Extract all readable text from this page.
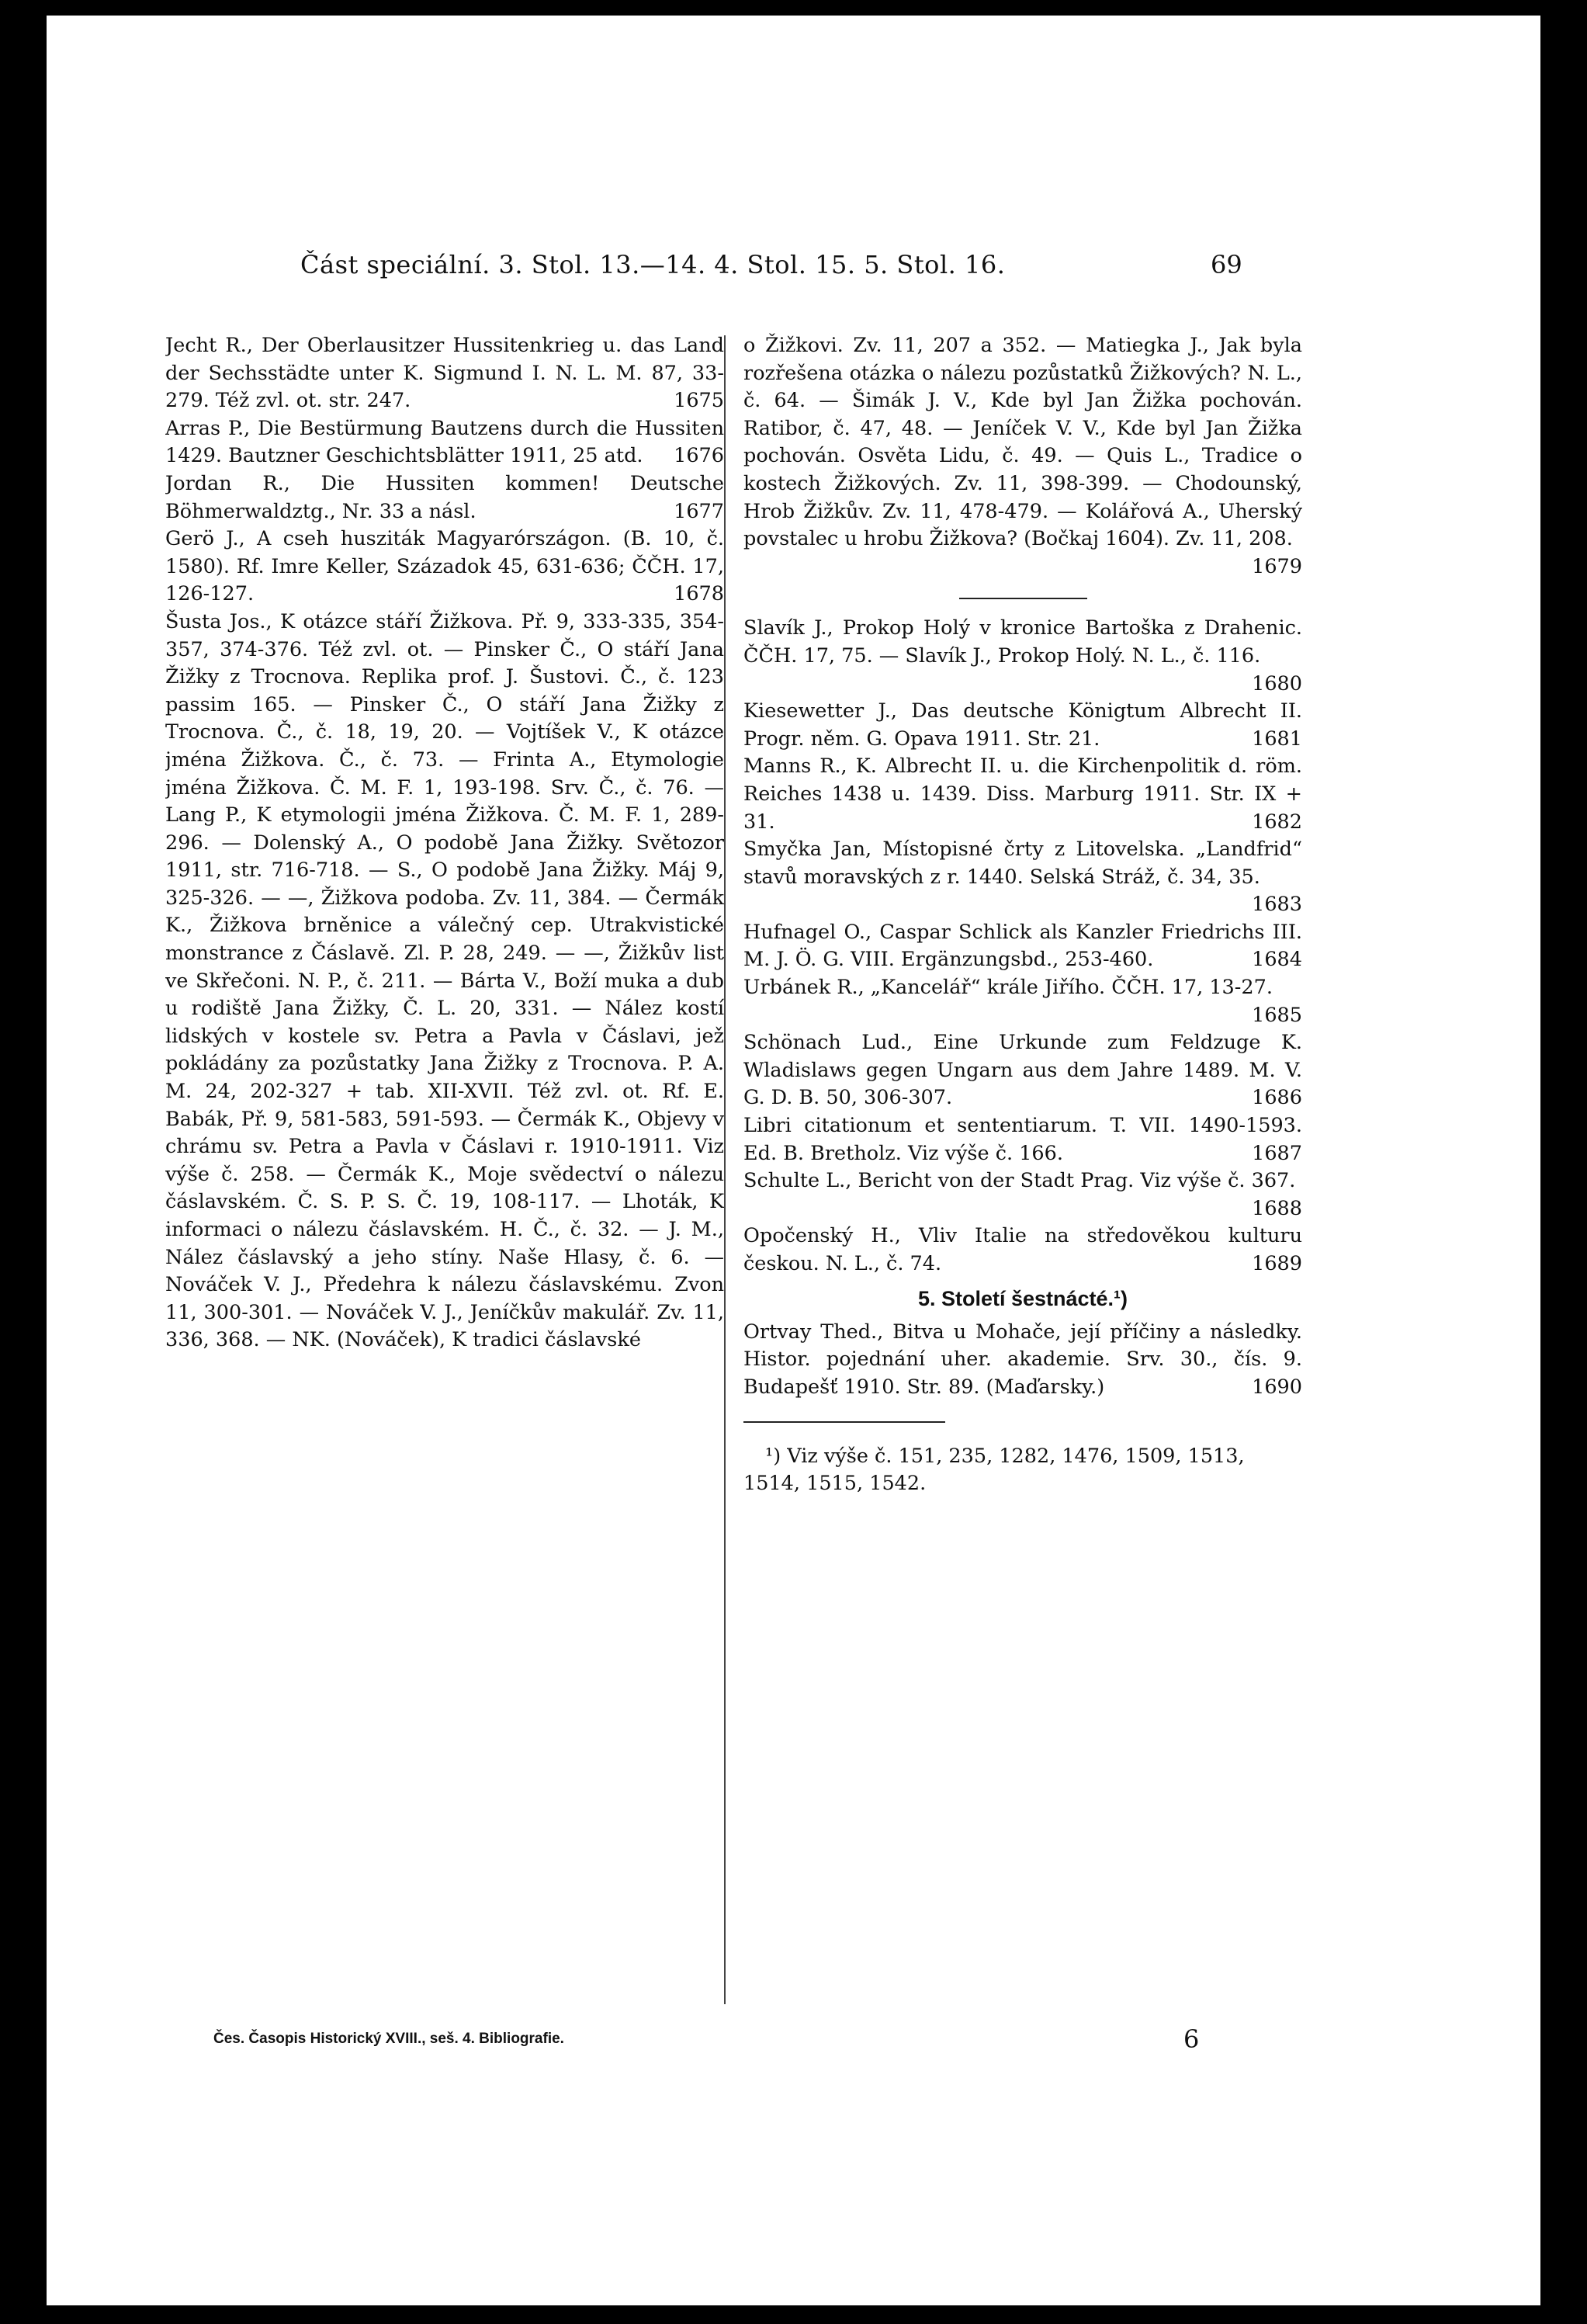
Část speciální. 3. Stol. 13.—14. 4. Stol. 15. 5. Stol. 16.	69

Jecht R., Der Oberlausitzer Hussitenkrieg u. das Land der Sechsstädte unter K. Sigmund I. N. L. M. 87, 33-279. Též zvl. ot. str. 247.	1675

Arras P., Die Bestürmung Bautzens durch die Hussiten 1429. Bautzner Geschichtsblätter 1911, 25 atd. 1676

Jordan R., Die Hussiten kommen! Deutsche Böhmerwaldztg., Nr. 33 a násl.	1677

Gerö J., A cseh husziták Magyarórszágon. (B. 10, č. 1580). Rf. Imre Keller, Századok 45, 631-636; ČČH. 17, 126-127.	1678

Šusta Jos., K otázce stáří Žižkova. Př. 9, 333-335, 354-357, 374-376. Též zvl. ot. — Pinsker Č., O stáří Jana Žižky z Trocnova. Replika prof. J. Šustovi. Č., č. 123 passim 165. — Pinsker Č., O stáří Jana Žižky z Trocnova. Č., č. 18, 19, 20. — Vojtíšek V., K otázce jména Žižkova. Č., č. 73. — Frinta A., Etymologie jména Žižkova. Č. M. F. 1, 193-198. Srv. Č., č. 76. — Lang P., K etymologii jména Žižkova. Č. M. F. 1, 289-296. — Dolenský A., O podobě Jana Žižky. Světozor 1911, str. 716-718. — S., O podobě Jana Žižky. Máj 9, 325-326. — —, Žižkova podoba. Zv. 11, 384. — Čermák K., Žižkova brněnice a válečný cep. Utrakvistické monstrance z Čáslavě. Zl. P. 28, 249. — —, Žižkův list ve Skřečoni. N. P., č. 211. — Bárta V., Boží muka a dub u rodiště Jana Žižky, Č. L. 20, 331. — Nález kostí lidských v kostele sv. Petra a Pavla v Čáslavi, jež pokládány za pozůstatky Jana Žižky z Trocnova. P. A. M. 24, 202-327 + tab. XII-XVII. Též zvl. ot. Rf. E. Babák, Př. 9, 581-583, 591-593. — Čermák K., Objevy v chrámu sv. Petra a Pavla v Čáslavi r. 1910-1911. Viz výše č. 258. — Čermák K., Moje svědectví o nálezu čáslavském. Č. S. P. S. Č. 19, 108-117. — Lhoták, K informaci o nálezu čáslavském. H. Č., č. 32. — J. M., Nález čáslavský a jeho stíny. Naše Hlasy, č. 6. — Nováček V. J., Předehra k nálezu čáslavskému. Zvon 11, 300-301. — Nováček V. J., Jeníčkův makulář. Zv. 11, 336, 368. — NK. (Nováček), K tradici čáslavské

o Žižkovi. Zv. 11, 207 a 352. — Matiegka J., Jak byla rozřešena otázka o nálezu pozůstatků Žižkových? N. L., č. 64. — Šimák J. V., Kde byl Jan Žižka pochován. Ratibor, č. 47, 48. — Jeníček V. V., Kde byl Jan Žižka pochován. Osvěta Lidu, č. 49. — Quis L., Tradice o kostech Žižkových. Zv. 11, 398-399. — Chodounský, Hrob Žižkův. Zv. 11, 478-479. — Kolářová A., Uherský povstalec u hrobu Žižkova? (Bočkaj 1604). Zv. 11, 208.
1679

Slavík J., Prokop Holý v kronice Bartoška z Drahenic. ČČH. 17, 75. — Slavík J., Prokop Holý. N. L., č. 116.
1680

Kiesewetter J., Das deutsche Königtum Albrecht II. Progr. něm. G. Opava 1911. Str. 21.	1681

Manns R., K. Albrecht II. u. die Kirchenpolitik d. röm. Reiches 1438 u. 1439. Diss. Marburg 1911. Str. IX + 31.	1682

Smyčka Jan, Místopisné črty z Litovelska. „Landfrid“ stavů moravských z r. 1440. Selská Stráž, č. 34, 35.
1683

Hufnagel O., Caspar Schlick als Kanzler Friedrichs III. M. J. Ö. G. VIII. Ergänzungsbd., 253-460.	1684

Urbánek R., „Kancelář“ krále Jiřího. ČČH. 17, 13-27.
1685

Schönach Lud., Eine Urkunde zum Feldzuge K. Wladislaws gegen Ungarn aus dem Jahre 1489. M. V. G. D. B. 50, 306-307.	1686

Libri citationum et sententiarum. T. VII. 1490-1593. Ed. B. Bretholz. Viz výše č. 166.	1687

Schulte L., Bericht von der Stadt Prag. Viz výše č. 367.
1688

Opočenský H., Vliv Italie na středověkou kulturu českou. N. L., č. 74.	1689

5. Století šestnácté.¹)

Ortvay Thed., Bitva u Mohače, její příčiny a následky. Histor. pojednání uher. akademie. Srv. 30., čís. 9. Budapešť 1910. Str. 89. (Maďarsky.)	1690

¹) Viz výše č. 151, 235, 1282, 1476, 1509, 1513, 1514, 1515, 1542.

Čes. Časopis Historický XVIII., seš. 4. Bibliografie.	6
